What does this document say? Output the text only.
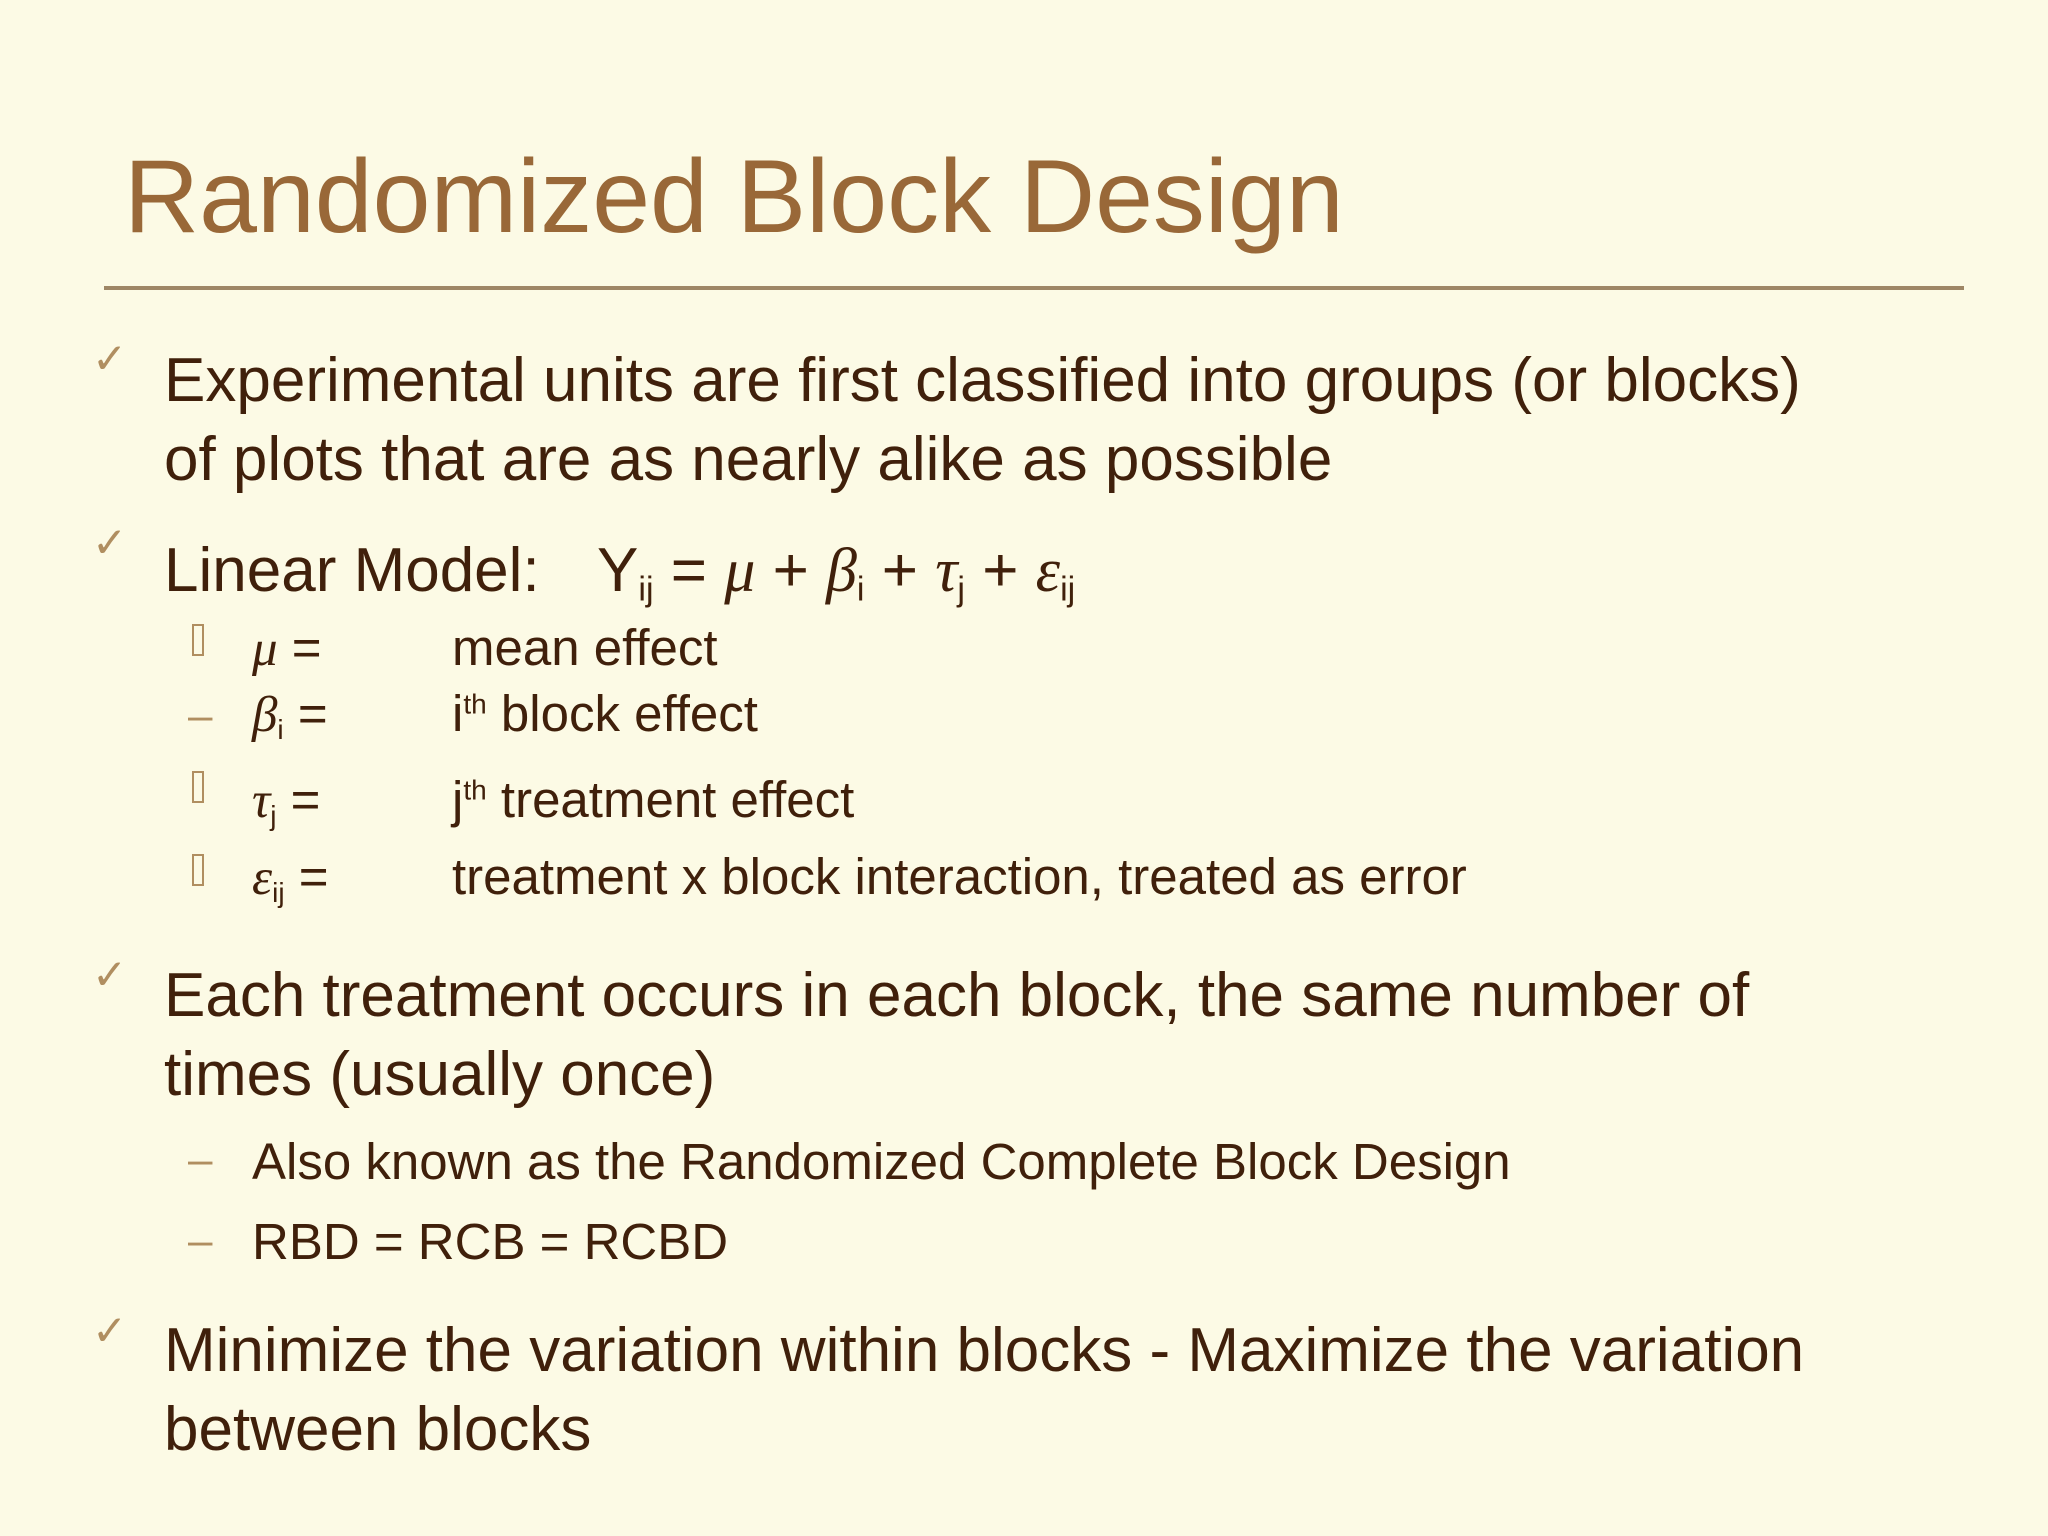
Randomized Block Design
✓ Experimental units are first classified into groups (or blocks)
of plots that are as nearly alike as possible
✓ Linear Model: $Y_{ij} = \mu + \beta_i + \tau_j + \varepsilon_{ij}$
μ =	mean effect
– $\beta_i = i^{th}$ block effect
$\tau_j$ =	$j^{th}$ treatment effect
$\varepsilon_{ij}$ = treatment x block interaction, treated as error
✓ Each treatment occurs in each block, the same number of
times (usually once)
– Also known as the Randomized Complete Block Design
– RBD = RCB = RCBD
✓ Minimize the variation within blocks - Maximize the variation
between blocks
